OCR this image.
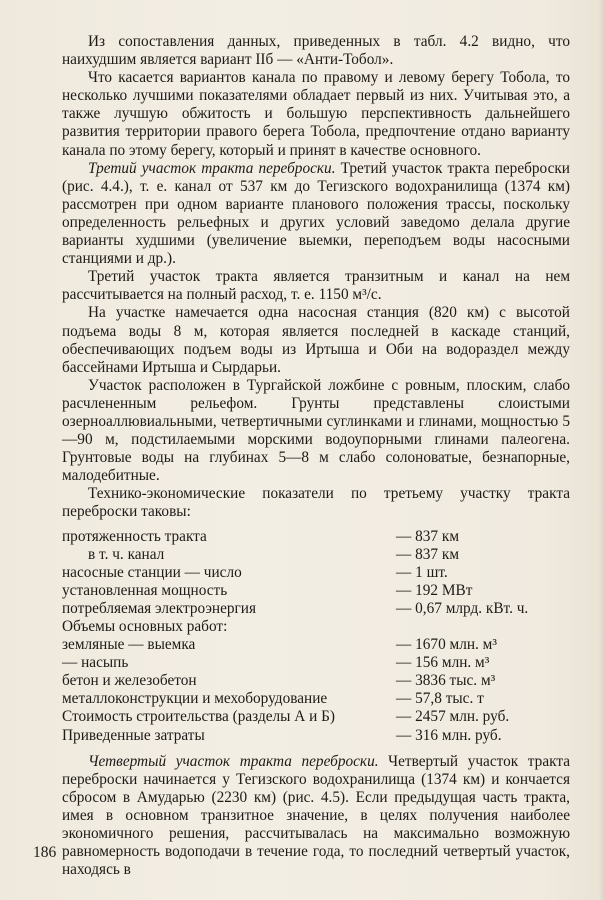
Из сопоставления данных, приведенных в табл. 4.2 видно, что наихудшим является вариант IIб — «Анти-Тобол».

Что касается вариантов канала по правому и левому берегу Тобола, то несколько лучшими показателями обладает первый из них. Учитывая это, а также лучшую обжитость и большую перспективность дальнейшего развития территории правого берега Тобола, предпочтение отдано варианту канала по этому берегу, который и принят в качестве основного.

Третий участок тракта переброски. Третий участок тракта переброски (рис. 4.4.), т. е. канал от 537 км до Тегизского водохранилища (1374 км) рассмотрен при одном варианте планового положения трассы, поскольку определенность рельефных и других условий заведомо делала другие варианты худшими (увеличение выемки, переподъем воды насосными станциями и др.).

Третий участок тракта является транзитным и канал на нем рассчитывается на полный расход, т. е. 1150 м³/с.

На участке намечается одна насосная станция (820 км) с высотой подъема воды 8 м, которая является последней в каскаде станций, обеспечивающих подъем воды из Иртыша и Оби на водораздел между бассейнами Иртыша и Сырдарьи.

Участок расположен в Тургайской ложбине с ровным, плоским, слабо расчлененным рельефом. Грунты представлены слоистыми озерноаллювиальными, четвертичными суглинками и глинами, мощностью 5—90 м, подстилаемыми морскими водоупорными глинами палеогена. Грунтовые воды на глубинах 5—8 м слабо солоноватые, безнапорные, малодебитные.

Технико-экономические показатели по третьему участку тракта переброски таковы:

протяженность тракта	— 837 км
в т. ч. канал	— 837 км
насосные станции — число	— 1 шт.
установленная мощность	— 192 МВт
потребляемая электроэнергия	— 0,67 млрд. кВт. ч.
Объемы основных работ:
земляные — выемка	— 1670 млн. м³
— насыпь	— 156 млн. м³
бетон и железобетон	— 3836 тыс. м³
металлоконструкции и мехоборудование	— 57,8 тыс. т
Стоимость строительства (разделы А и Б)	— 2457 млн. руб.
Приведенные затраты	— 316 млн. руб.

Четвертый участок тракта переброски. Четвертый участок тракта переброски начинается у Тегизского водохранилища (1374 км) и кончается сбросом в Амударью (2230 км) (рис. 4.5). Если предыдущая часть тракта, имея в основном транзитное значение, в целях получения наиболее экономичного решения, рассчитывалась на максимально возможную равномерность водоподачи в течение года, то последний четвертый участок, находясь в

186
